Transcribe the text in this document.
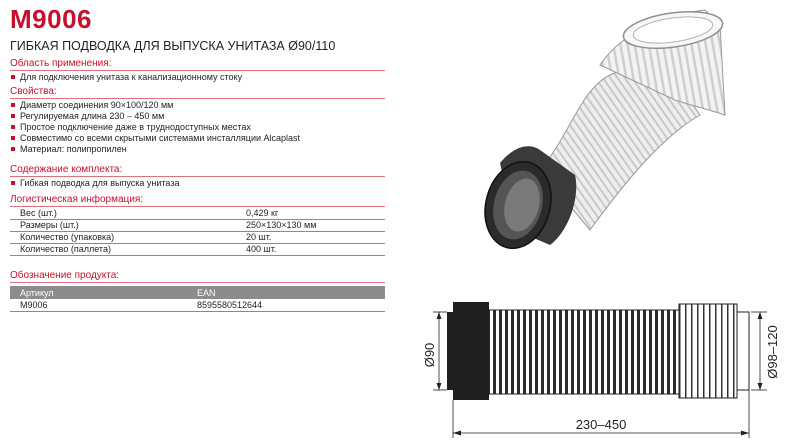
M9006
ГИБКАЯ ПОДВОДКА ДЛЯ ВЫПУСКА УНИТАЗА Ø90/110
Область применения:
Для подключения унитаза к канализационному стоку
Свойства:
Диаметр соединения 90×100/120 мм
Регулируемая длина 230 – 450 мм
Простое подключение даже в труднодоступных местах
Совместимо со всеми скрытыми системами инсталляции Alcaplast
Материал: полипропилен
Содержание комплекта:
Гибкая подводка для выпуска унитаза
Логистическая информация:
Вес (шт.)	0,429 кг
Размеры (шт.)	250×130×130 мм
Количество (упаковка)	20 шт.
Количество (паллета)	400 шт.
Обозначение продукта:
Артикул	EAN
M9006	8595580512644
Ø90	Ø98–120
230–450
